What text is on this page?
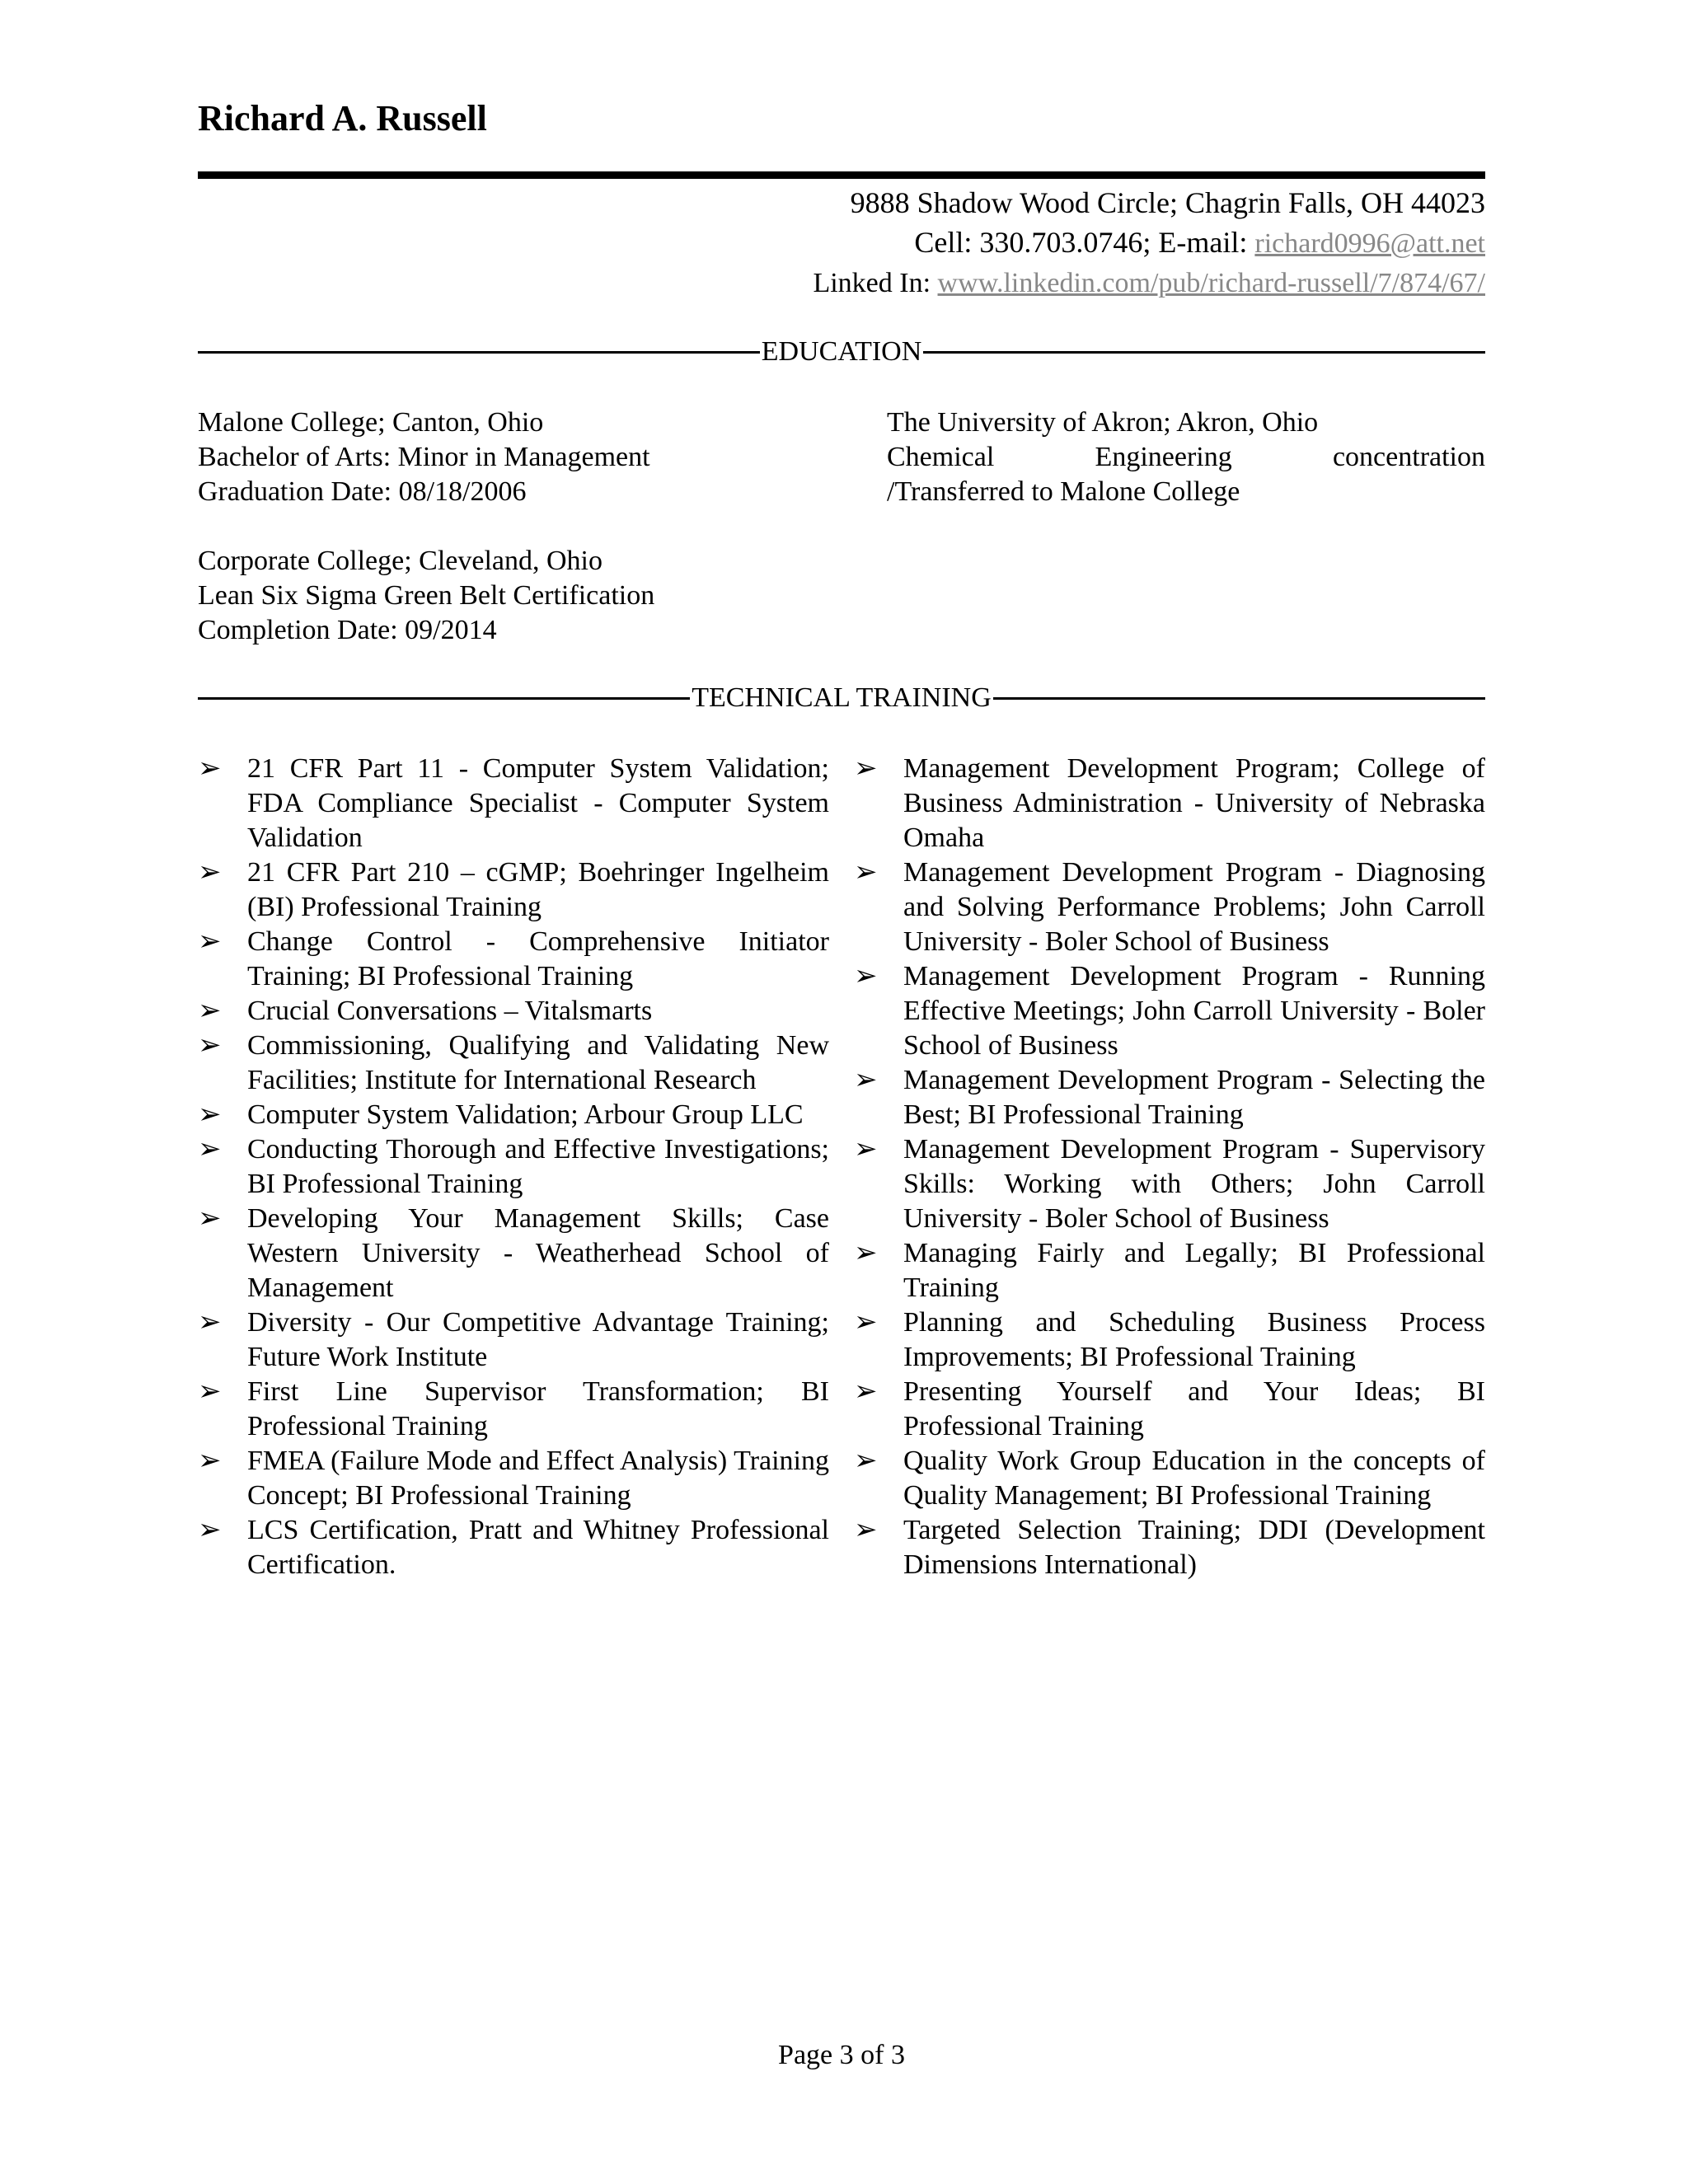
Richard A. Russell
9888 Shadow Wood Circle; Chagrin Falls, OH 44023
Cell: 330.703.0746; E-mail: richard0996@att.net
Linked In: www.linkedin.com/pub/richard-russell/7/874/67/
EDUCATION
Malone College; Canton, Ohio
Bachelor of Arts: Minor in Management
Graduation Date: 08/18/2006
The University of Akron; Akron, Ohio
Chemical	Engineering	concentration
/Transferred to Malone College
Corporate College; Cleveland, Ohio
Lean Six Sigma Green Belt Certification
Completion Date: 09/2014
TECHNICAL TRAINING
➢ 21 CFR Part 11 - Computer System Validation; FDA Compliance Specialist - Computer System Validation
➢ 21 CFR Part 210 – cGMP; Boehringer Ingelheim (BI) Professional Training
➢ Change Control - Comprehensive Initiator Training; BI Professional Training
➢ Crucial Conversations – Vitalsmarts
➢ Commissioning, Qualifying and Validating New Facilities; Institute for International Research
➢ Computer System Validation; Arbour Group LLC
➢ Conducting Thorough and Effective Investigations; BI Professional Training
➢ Developing Your Management Skills; Case Western University - Weatherhead School of Management
➢ Diversity - Our Competitive Advantage Training; Future Work Institute
➢ First Line Supervisor Transformation; BI Professional Training
➢ FMEA (Failure Mode and Effect Analysis) Training Concept; BI Professional Training
➢ LCS Certification, Pratt and Whitney Professional Certification.
➢ Management Development Program; College of Business Administration - University of Nebraska Omaha
➢ Management Development Program - Diagnosing and Solving Performance Problems; John Carroll University - Boler School of Business
➢ Management Development Program - Running Effective Meetings; John Carroll University - Boler School of Business
➢ Management Development Program - Selecting the Best; BI Professional Training
➢ Management Development Program - Supervisory Skills: Working with Others; John Carroll University - Boler School of Business
➢ Managing Fairly and Legally; BI Professional Training
➢ Planning and Scheduling Business Process Improvements; BI Professional Training
➢ Presenting Yourself and Your Ideas; BI Professional Training
➢ Quality Work Group Education in the concepts of Quality Management; BI Professional Training
➢ Targeted Selection Training; DDI (Development Dimensions International)
Page 3 of 3
